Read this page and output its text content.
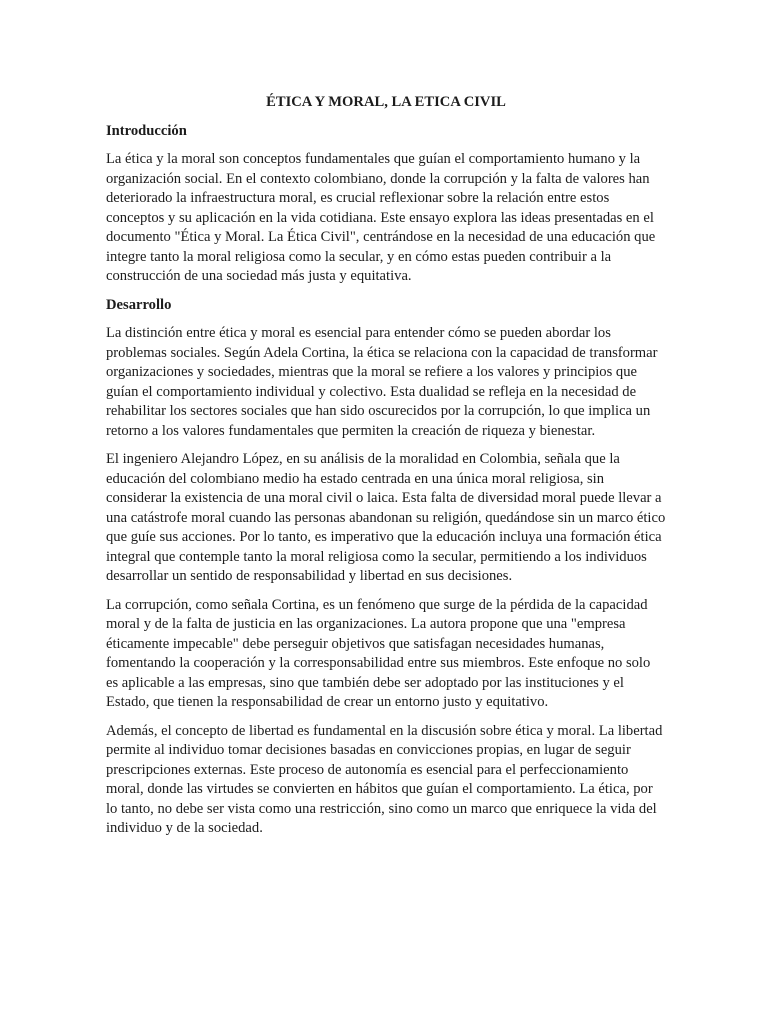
ÉTICA Y MORAL, LA ETICA CIVIL
Introducción

La ética y la moral son conceptos fundamentales que guían el comportamiento humano y la organización social. En el contexto colombiano, donde la corrupción y la falta de valores han deteriorado la infraestructura moral, es crucial reflexionar sobre la relación entre estos conceptos y su aplicación en la vida cotidiana. Este ensayo explora las ideas presentadas en el documento "Ética y Moral. La Ética Civil", centrándose en la necesidad de una educación que integre tanto la moral religiosa como la secular, y en cómo estas pueden contribuir a la construcción de una sociedad más justa y equitativa.

Desarrollo

La distinción entre ética y moral es esencial para entender cómo se pueden abordar los problemas sociales. Según Adela Cortina, la ética se relaciona con la capacidad de transformar organizaciones y sociedades, mientras que la moral se refiere a los valores y principios que guían el comportamiento individual y colectivo. Esta dualidad se refleja en la necesidad de rehabilitar los sectores sociales que han sido oscurecidos por la corrupción, lo que implica un retorno a los valores fundamentales que permiten la creación de riqueza y bienestar.

El ingeniero Alejandro López, en su análisis de la moralidad en Colombia, señala que la educación del colombiano medio ha estado centrada en una única moral religiosa, sin considerar la existencia de una moral civil o laica. Esta falta de diversidad moral puede llevar a una catástrofe moral cuando las personas abandonan su religión, quedándose sin un marco ético que guíe sus acciones. Por lo tanto, es imperativo que la educación incluya una formación ética integral que contemple tanto la moral religiosa como la secular, permitiendo a los individuos desarrollar un sentido de responsabilidad y libertad en sus decisiones.

La corrupción, como señala Cortina, es un fenómeno que surge de la pérdida de la capacidad moral y de la falta de justicia en las organizaciones. La autora propone que una "empresa éticamente impecable" debe perseguir objetivos que satisfagan necesidades humanas, fomentando la cooperación y la corresponsabilidad entre sus miembros. Este enfoque no solo es aplicable a las empresas, sino que también debe ser adoptado por las instituciones y el Estado, que tienen la responsabilidad de crear un entorno justo y equitativo.

Además, el concepto de libertad es fundamental en la discusión sobre ética y moral. La libertad permite al individuo tomar decisiones basadas en convicciones propias, en lugar de seguir prescripciones externas. Este proceso de autonomía es esencial para el perfeccionamiento moral, donde las virtudes se convierten en hábitos que guían el comportamiento. La ética, por lo tanto, no debe ser vista como una restricción, sino como un marco que enriquece la vida del individuo y de la sociedad.
